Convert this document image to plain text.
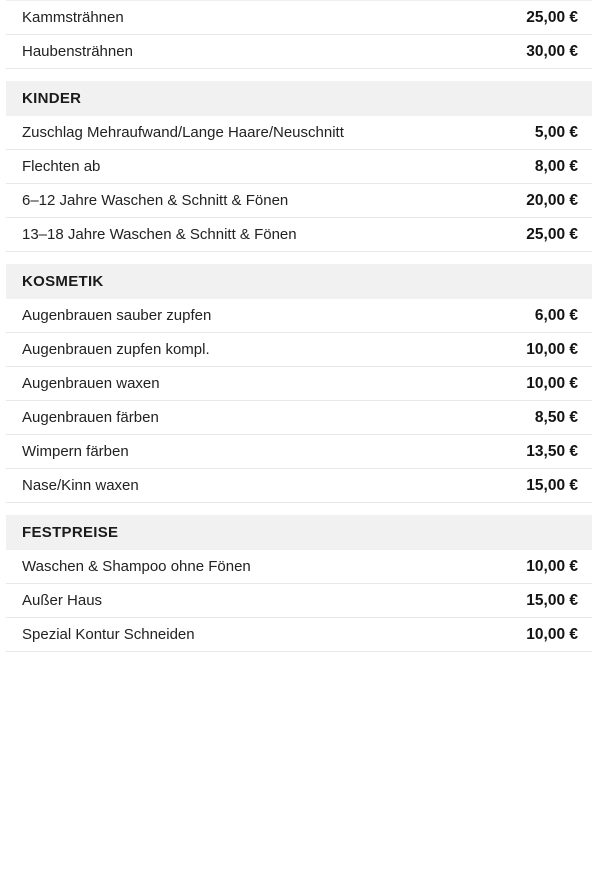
Kammsträhnen	25,00 €
Haubensträhnen	30,00 €
KINDER
Zuschlag Mehraufwand/Lange Haare/Neuschnitt	5,00 €
Flechten ab	8,00 €
6–12 Jahre Waschen & Schnitt & Fönen	20,00 €
13–18 Jahre Waschen & Schnitt & Fönen	25,00 €
KOSMETIK
Augenbrauen sauber zupfen	6,00 €
Augenbrauen zupfen kompl.	10,00 €
Augenbrauen waxen	10,00 €
Augenbrauen färben	8,50 €
Wimpern färben	13,50 €
Nase/Kinn waxen	15,00 €
FESTPREISE
Waschen & Shampoo ohne Fönen	10,00 €
Außer Haus	15,00 €
Spezial Kontur Schneiden	10,00 €
